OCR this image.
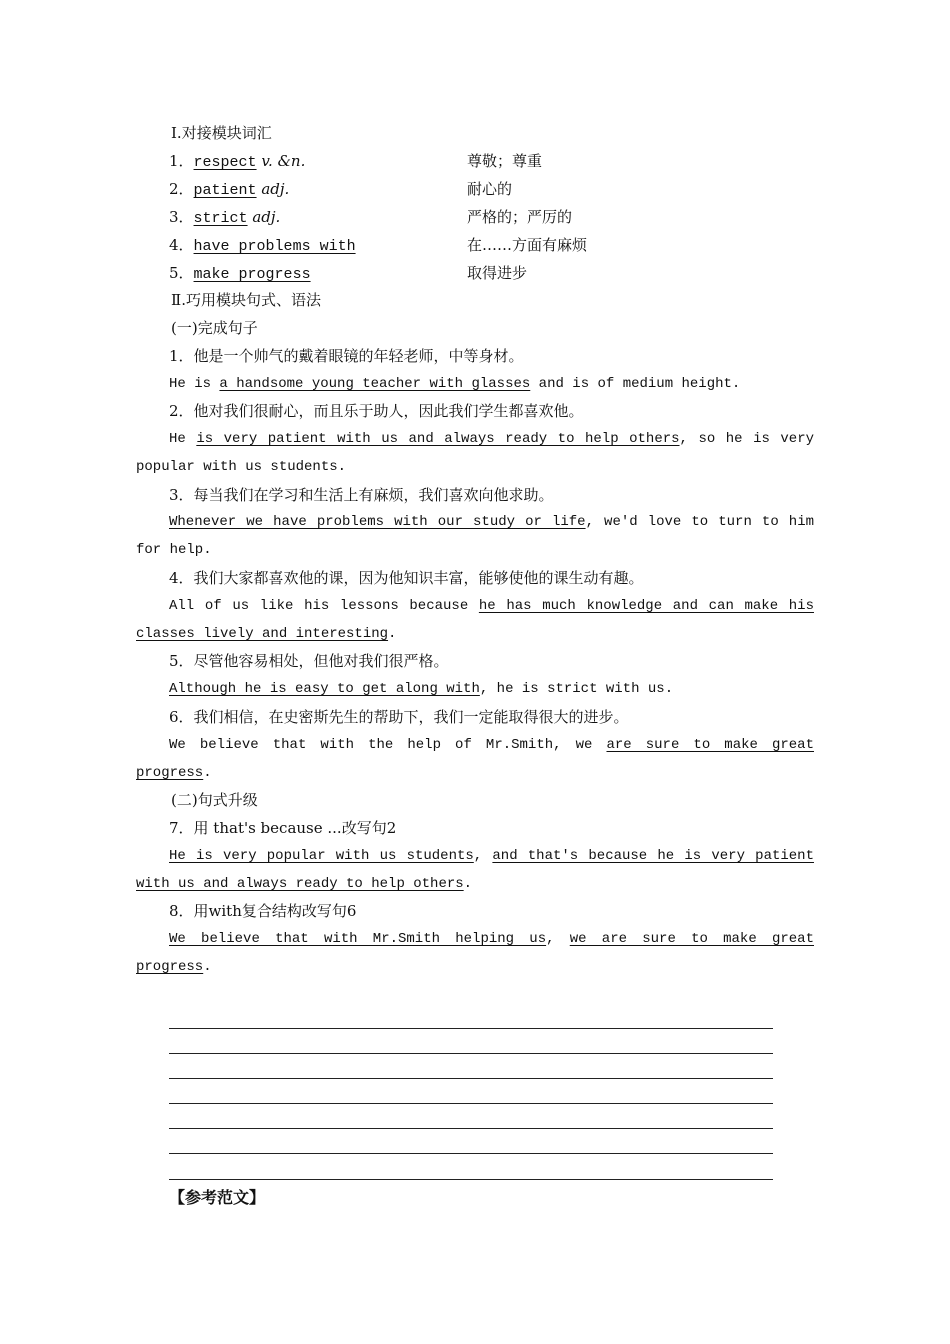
Ⅰ.对接模块词汇
1．respect v. &n.	尊敬；尊重
2．patient adj.	耐心的
3．strict adj.	严格的；严厉的
4．have problems with	在……方面有麻烦
5．make progress	取得进步
Ⅱ.巧用模块句式、语法
(一)完成句子
1．他是一个帅气的戴着眼镜的年轻老师，中等身材。
He is a handsome young teacher with glasses and is of medium height.
2．他对我们很耐心，而且乐于助人，因此我们学生都喜欢他。
He is very patient with us and always ready to help others, so he is very
popular with us students.
3．每当我们在学习和生活上有麻烦，我们喜欢向他求助。
Whenever we have problems with our study or life, we'd love to turn to him
for help.
4．我们大家都喜欢他的课，因为他知识丰富，能够使他的课生动有趣。
All of us like his lessons because he has much knowledge and can make his
classes lively and interesting.
5．尽管他容易相处，但他对我们很严格。
Although he is easy to get along with, he is strict with us.
6．我们相信，在史密斯先生的帮助下，我们一定能取得很大的进步。
We believe that with the help of Mr.Smith, we are sure to make great
progress.
(二)句式升级
7．用 that's because ...改写句2
He is very popular with us students, and that's because he is very patient
with us and always ready to help others.
8．用with复合结构改写句6
We believe that with Mr.Smith helping us, we are sure to make great
progress.
【参考范文】
